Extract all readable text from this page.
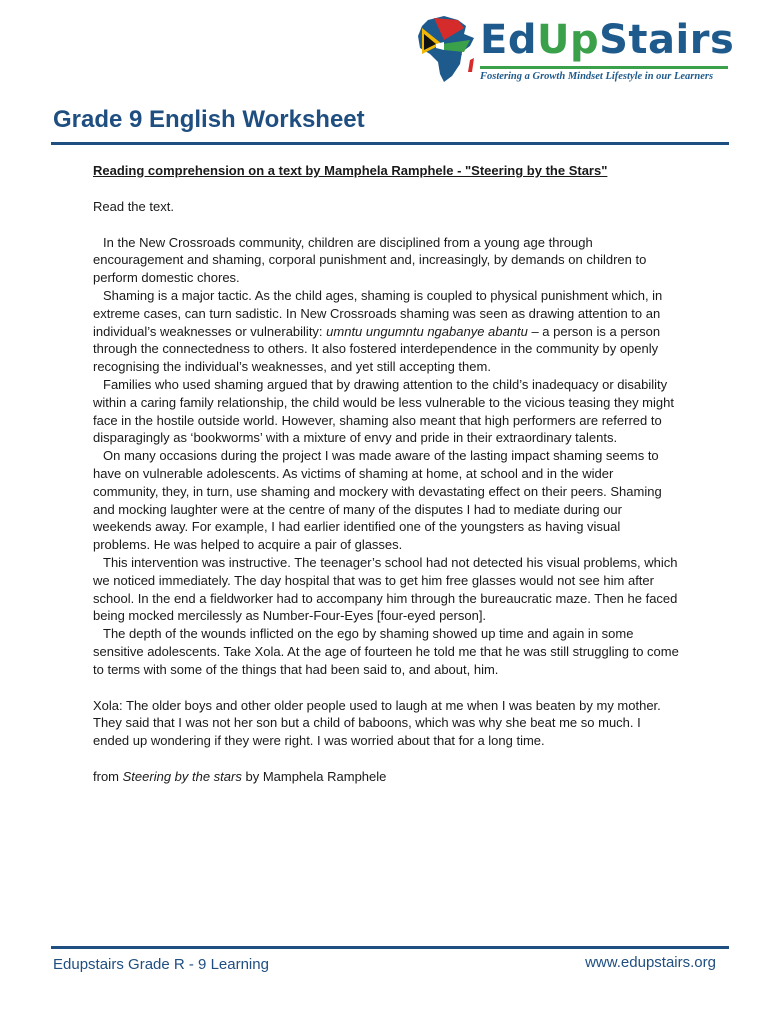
EdUpStairs
Fostering a Growth Mindset Lifestyle in our Learners
Grade 9 English Worksheet

Reading comprehension on a text by Mamphela Ramphele - "Steering by the Stars"

Read the text.

In the New Crossroads community, children are disciplined from a young age through encouragement and shaming, corporal punishment and, increasingly, by demands on children to perform domestic chores.

Shaming is a major tactic. As the child ages, shaming is coupled to physical punishment which, in extreme cases, can turn sadistic. In New Crossroads shaming was seen as drawing attention to an individual’s weaknesses or vulnerability: umntu ungumntu ngabanye abantu – a person is a person through the connectedness to others. It also fostered interdependence in the community by openly recognising the individual’s weaknesses, and yet still accepting them.

Families who used shaming argued that by drawing attention to the child’s inadequacy or disability within a caring family relationship, the child would be less vulnerable to the vicious teasing they might face in the hostile outside world. However, shaming also meant that high performers are referred to disparagingly as ‘bookworms’ with a mixture of envy and pride in their extraordinary talents.

On many occasions during the project I was made aware of the lasting impact shaming seems to have on vulnerable adolescents. As victims of shaming at home, at school and in the wider community, they, in turn, use shaming and mockery with devastating effect on their peers. Shaming and mocking laughter were at the centre of many of the disputes I had to mediate during our weekends away. For example, I had earlier identified one of the youngsters as having visual problems. He was helped to acquire a pair of glasses.

This intervention was instructive. The teenager’s school had not detected his visual problems, which we noticed immediately. The day hospital that was to get him free glasses would not see him after school. In the end a fieldworker had to accompany him through the bureaucratic maze. Then he faced being mocked mercilessly as Number-Four-Eyes [four-eyed person].

The depth of the wounds inflicted on the ego by shaming showed up time and again in some sensitive adolescents. Take Xola. At the age of fourteen he told me that he was still struggling to come to terms with some of the things that had been said to, and about, him.

Xola: The older boys and other older people used to laugh at me when I was beaten by my mother. They said that I was not her son but a child of baboons, which was why she beat me so much. I ended up wondering if they were right. I was worried about that for a long time.

from Steering by the stars by Mamphela Ramphele

Edupstairs Grade R - 9 Learning	www.edupstairs.org
